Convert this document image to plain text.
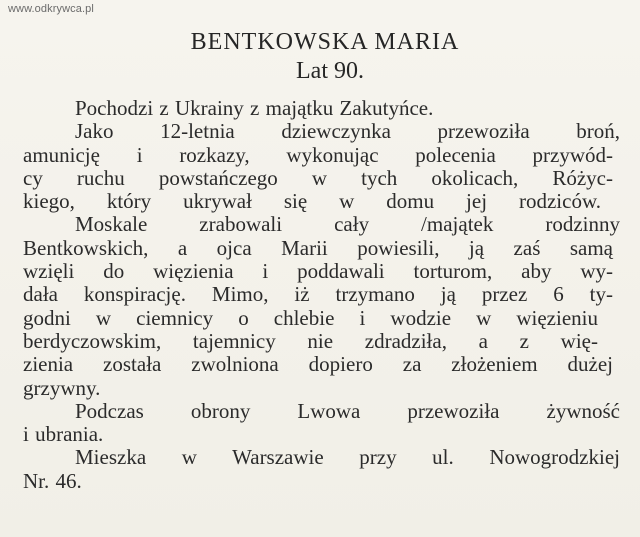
www.odkrywca.pl
BENTKOWSKA MARIA
Lat 90.
Pochodzi z Ukrainy z majątku Zakutyńce.
Jako 12-letnia dziewczynka przewoziła broń,
amunicję i rozkazy, wykonując polecenia przywód-
cy ruchu powstańczego w tych okolicach, Różyc-
kiego, który ukrywał się w domu jej rodziców.
Moskale zrabowali cały /majątek rodzinny
Bentkowskich, a ojca Marii powiesili, ją zaś samą
wzięli do więzienia i poddawali torturom, aby wy-
dała konspirację. Mimo, iż trzymano ją przez 6 ty-
godni w ciemnicy o chlebie i wodzie w więzieniu
berdyczowskim, tajemnicy nie zdradziła, a z wię-
zienia została zwolniona dopiero za złożeniem dużej
grzywny.
Podczas obrony Lwowa przewoziła żywność
i ubrania.
Mieszka w Warszawie przy ul. Nowogrodzkiej
Nr. 46.
